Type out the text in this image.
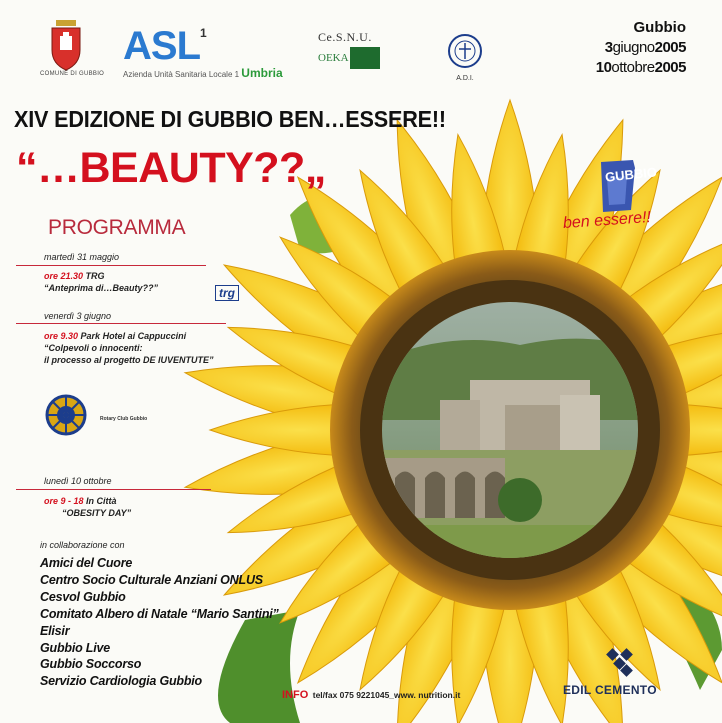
COMUNE DI GUBBIO
ASL$^1$
Azienda Unità Sanitaria Locale 1 Umbria
Ce.S.N.U.
OEKA
A.D.I.
Gubbio
3giugno2005
10ottobre2005
XIV EDIZIONE DI GUBBIO BEN…ESSERE!!
“…BEAUTY??„
PROGRAMMA
martedì 31 maggio
ore 21.30 TRG
“Anteprima di…Beauty??”	trg
venerdì 3 giugno
ore 9.30 Park Hotel ai Cappuccini
“Colpevoli o innocenti:
il processo al progetto DE IUVENTUTE”
Rotary Club Gubbio
lunedì 10 ottobre
ore 9 - 18 In Città
“OBESITY DAY”
in collaborazione con
Amici del Cuore
Centro Socio Culturale Anziani ONLUS
Cesvol Gubbio
Comitato Albero di Natale “Mario Santini”
Elisir
Gubbio Live
Gubbio Soccorso
Servizio Cardiologia Gubbio
GUBBIO
ben essere!!
INFO tel/fax 075 9221045_www. nutrition.it	EDIL CEMENTO
